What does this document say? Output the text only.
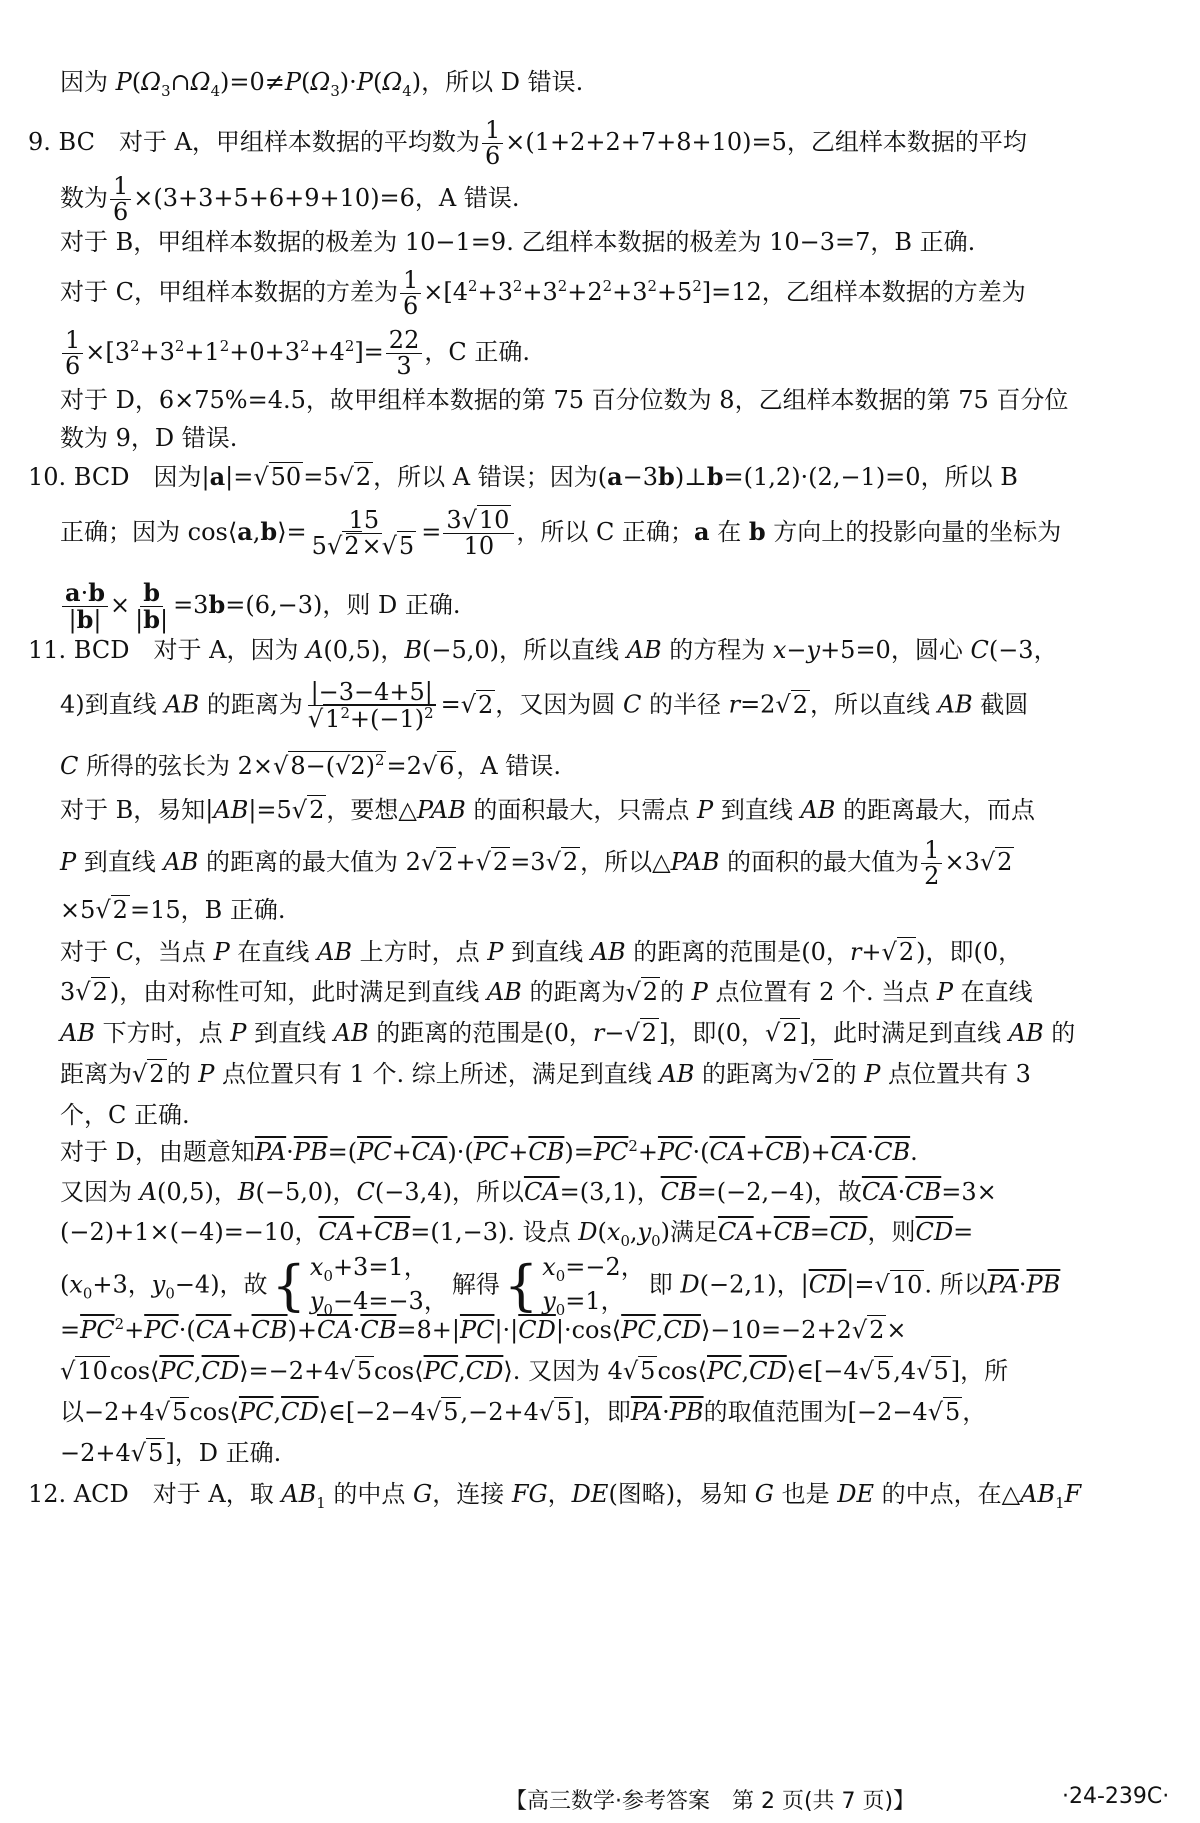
因为 $P(\Omega_3\cap\Omega_4)=0\ne P(\Omega_3)\cdot P(\Omega_4)$，所以 D 错误.
9. BC　对于 A，甲组样本数据的平均数为 $\frac{1}{6} \times(1+2+2+7+8+10)=5$，乙组样本数据的平均
数为 $\frac{1}{6} \times(3+3+5+6+9+10)=6$，A 错误.
对于 B，甲组样本数据的极差为 10−1=9. 乙组样本数据的极差为 10−3=7，B 正确.
对于 C，甲组样本数据的方差为 $\frac{1}{6} \times[4^2+3^2+3^2+2^2+3^2+5^2]=12$，乙组样本数据的方差为
$\frac{1}{6} \times[3^2+3^2+1^2+0+3^2+4^2]= \frac{22}{3}$ ，C 正确.
对于 D，6×75%=4.5，故甲组样本数据的第 75 百分位数为 8，乙组样本数据的第 75 百分位
数为 9，D 错误.
10. BCD　因为|a|=√50=5√2，所以 A 错误；因为(a−3b)⊥b=(1,2)·(2,−1)=0，所以 B
正确；因为 cos⟨a,b⟩= $\frac{15}{5√2\times√5} = \frac{3√10}{10}$ ，所以 C 正确；a 在 b 方向上的投影向量的坐标为
$\frac{a\cdot b}{|b|} \times \frac{b}{|b|} =3b=(6,-3)$，则 D 正确.
11. BCD　对于 A，因为 A(0,5)，B(−5,0)，所以直线 AB 的方程为 x−y+5=0，圆心 C(−3，
4)到直线 AB 的距离为 $\frac{|-3-4+5|}{√1^2+(-1)^2} =√2$，又因为圆 C 的半径 r=2√2，所以直线 AB 截圆
C 所得的弦长为 $2\times√8-(√2)^2=2√6$，A 错误.
对于 B，易知|AB|=5√2，要想△PAB 的面积最大，只需点 P 到直线 AB 的距离最大，而点
P 到直线 AB 的距离的最大值为 2√2+√2=3√2，所以△PAB 的面积的最大值为 $\frac{1}{2} \times 3√2$
×5√2=15，B 正确.
对于 C，当点 P 在直线 AB 上方时，点 P 到直线 AB 的距离的范围是(0，r+√2)，即(0，
3√2)，由对称性可知，此时满足到直线 AB 的距离为√2的 P 点位置有 2 个. 当点 P 在直线
AB 下方时，点 P 到直线 AB 的距离的范围是(0，r−√2]，即(0，√2]，此时满足到直线 AB 的
距离为√2的 P 点位置只有 1 个. 综上所述，满足到直线 AB 的距离为√2的 P 点位置共有 3
个，C 正确.
对于 D，由题意知$\overline{PA}\cdot\overline{PB}=(\overline{PC}+\overline{CA})\cdot(\overline{PC}+\overline{CB})=\overline{PC}^2+\overline{PC}\cdot(\overline{CA}+\overline{CB})+\overline{CA}\cdot\overline{CB}$.
又因为 A(0,5)，B(−5,0)，C(−3,4)，所以$\overline{CA}=(3,1)$，$\overline{CB}=(-2,-4)$，故$\overline{CA}\cdot\overline{CB}=3\times$
(−2)+1×(−4)=−10，$\overline{CA}+\overline{CB}=(1,-3)$. 设点 $D(x_0,y_0)$满足$\overline{CA}+\overline{CB}=\overline{CD}$，则$\overline{CD}=$
($x_0+3$，$y_0-4$)，故 { $x_0+3=1$，
$y_0-4=-3$，
解得 { $x_0=-2$，
$y_0=1$，
即 D(−2,1)，$|\overline{CD}|=√10$. 所以$\overline{PA}\cdot\overline{PB}$
$=\overline{PC}^2+\overline{PC}\cdot(\overline{CA}+\overline{CB})+\overline{CA}\cdot\overline{CB}=8+|\overline{PC}|\cdot|\overline{CD}|\cdot\cos⟨\overline{PC},\overline{CD}⟩-10=-2+2√2\times$
$√10\cos⟨\overline{PC},\overline{CD}⟩=-2+4√5\cos⟨\overline{PC},\overline{CD}⟩$. 又因为 $4√5\cos⟨\overline{PC},\overline{CD}⟩\in[-4√5,4√5]$，所
以$-2+4√5\cos⟨\overline{PC},\overline{CD}⟩\in[-2-4√5,-2+4√5]$，即$\overline{PA}\cdot\overline{PB}$的取值范围为[−2−4√5，
−2+4√5]，D 正确.
12. ACD　对于 A，取 $AB_1$ 的中点 G，连接 FG，DE(图略)，易知 G 也是 DE 的中点，在$\triangle AB_1F$
【高三数学·参考答案　第 2 页(共 7 页)】	·24-239C·
